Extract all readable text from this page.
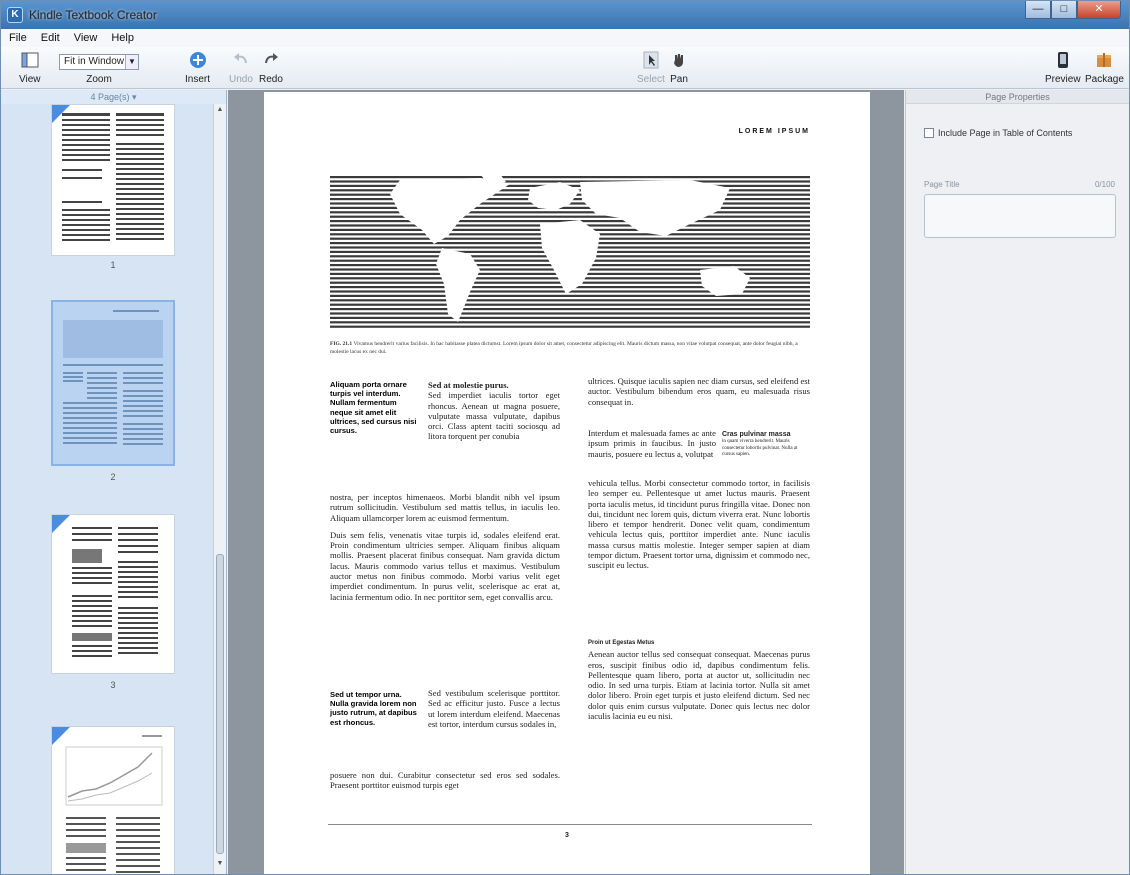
K Kindle Textbook Creator	—	□	✕
File Edit View Help
View
Fit in Window ▼
Zoom	Insert Undo Redo	Select Pan	Preview Package
4 Page(s) ▾
1
2
3
▲
▼
LOREM IPSUM
FIG. 21.1 Vivamus hendrerit varius facilisis. In hac habitasse platea dictumst. Lorem ipsum dolor sit amet, consectetur adipiscing elit. Mauris dictum massa, non vitae volutpat consequat, ante dolor feugiat nibh, a molestie lacus ex nec dui.
Aliquam porta ornare turpis vel interdum. Nullam fermentum neque sit amet elit ultrices, sed cursus nisi cursus.
Sed at molestie purus.
Sed imperdiet iaculis tortor eget rhoncus. Aenean ut magna posuere, vulputate massa vulputate, dapibus orci. Class aptent taciti sociosqu ad litora torquent per conubia

nostra, per inceptos himenaeos. Morbi blandit nibh vel ipsum rutrum sollicitudin. Vestibulum sed mattis tellus, in iaculis leo. Aliquam ullamcorper lorem ac euismod fermentum.

Duis sem felis, venenatis vitae turpis id, sodales eleifend erat. Proin condimentum ultricies semper. Aliquam finibus aliquam mollis. Praesent placerat finibus consequat. Nam gravida dictum lacus. Mauris commodo varius tellus et maximus. Vestibulum auctor metus non finibus commodo. Morbi varius velit eget imperdiet condimentum. In purus velit, scelerisque ac erat at, lacinia fermentum odio. In nec porttitor sem, eget convallis arcu.

Sed ut tempor urna. Nulla gravida lorem non justo rutrum, at dapibus est rhoncus.
Sed vestibulum scelerisque porttitor. Sed ac efficitur justo. Fusce a lectus ut lorem interdum eleifend. Maecenas est tortor, interdum cursus sodales in,
posuere non dui. Curabitur consectetur sed eros sed sodales. Praesent porttitor euismod turpis eget
ultrices. Quisque iaculis sapien nec diam cursus, sed eleifend est auctor. Vestibulum bibendum eros quam, eu malesuada risus consequat in.
Interdum et malesuada fames ac ante ipsum primis in faucibus. In justo mauris, posuere eu lectus a, volutpat
Cras pulvinar massa
in quam viverra hendrerit. Mauris consectetur lobortis pulvinar. Nulla at cursus sapien.
vehicula tellus. Morbi consectetur commodo tortor, in facilisis leo semper eu. Pellentesque ut amet luctus mauris. Praesent porta iaculis metus, id tincidunt purus fringilla vitae. Donec non dui, tincidunt nec lorem quis, dictum viverra erat. Nunc lobortis libero et tempor hendrerit. Donec velit quam, condimentum vehicula lectus quis, porttitor imperdiet ante. Nunc iaculis massa cursus mattis molestie. Integer semper sapien at diam tempor dictum. Praesent tortor urna, dignissim et commodo nec, suscipit eu lectus.
Proin ut Egestas Metus
Aenean auctor tellus sed consequat consequat. Maecenas purus eros, suscipit finibus odio id, dapibus condimentum felis. Pellentesque quam libero, porta at auctor ut, sollicitudin nec odio. In sed urna turpis. Etiam at lacinia tortor. Nulla sit amet dolor libero. Proin eget turpis et justo eleifend dictum. Sed nec dolor quis enim cursus vulputate. Donec quis lectus nec dolor iaculis lacinia eu eu nisi.
3
Page Properties
Include Page in Table of Contents
Page Title	0/100
